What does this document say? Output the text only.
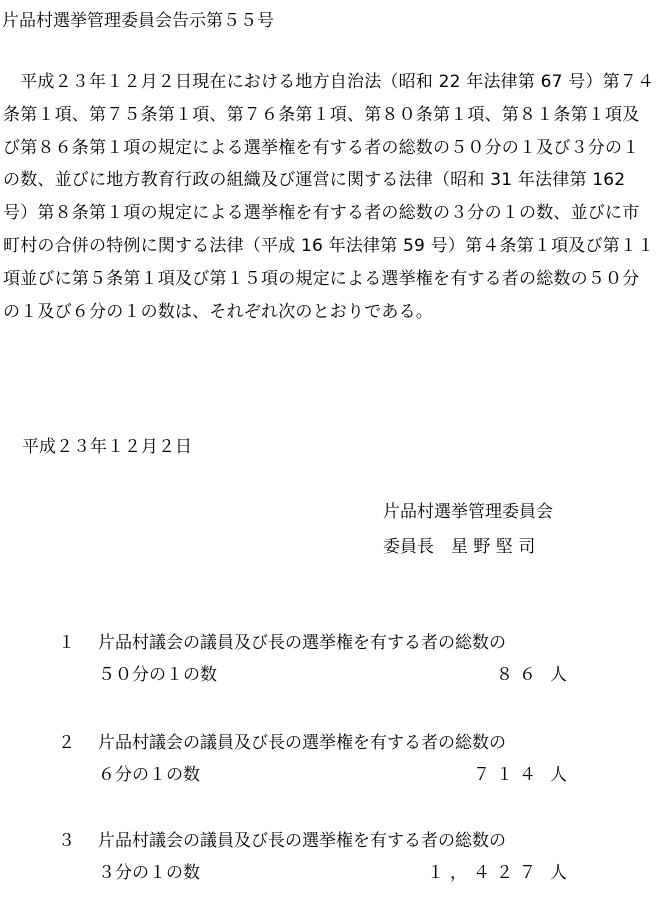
片品村選挙管理委員会告示第５５号

　平成２３年１２月２日現在における地方自治法（昭和 22 年法律第 67 号）第７４条第１項、第７５条第１項、第７６条第１項、第８０条第１項、第８１条第１項及び第８６条第１項の規定による選挙権を有する者の総数の５０分の１及び３分の１の数、並びに地方教育行政の組織及び運営に関する法律（昭和 31 年法律第 162 号）第８条第１項の規定による選挙権を有する者の総数の３分の１の数、並びに市町村の合併の特例に関する法律（平成 16 年法律第 59 号）第４条第１項及び第１１項並びに第５条第１項及び第１５項の規定による選挙権を有する者の総数の５０分の１及び６分の１の数は、それぞれ次のとおりである。

平成２３年１２月２日
片品村選挙管理委員会
委員長　星 野 堅 司
１ 片品村議会の議員及び長の選挙権を有する者の総数の
５０分の１の数	８６ 人
２ 片品村議会の議員及び長の選挙権を有する者の総数の
６分の１の数	７１４ 人
３ 片品村議会の議員及び長の選挙権を有する者の総数の
３分の１の数	１，４２７ 人
